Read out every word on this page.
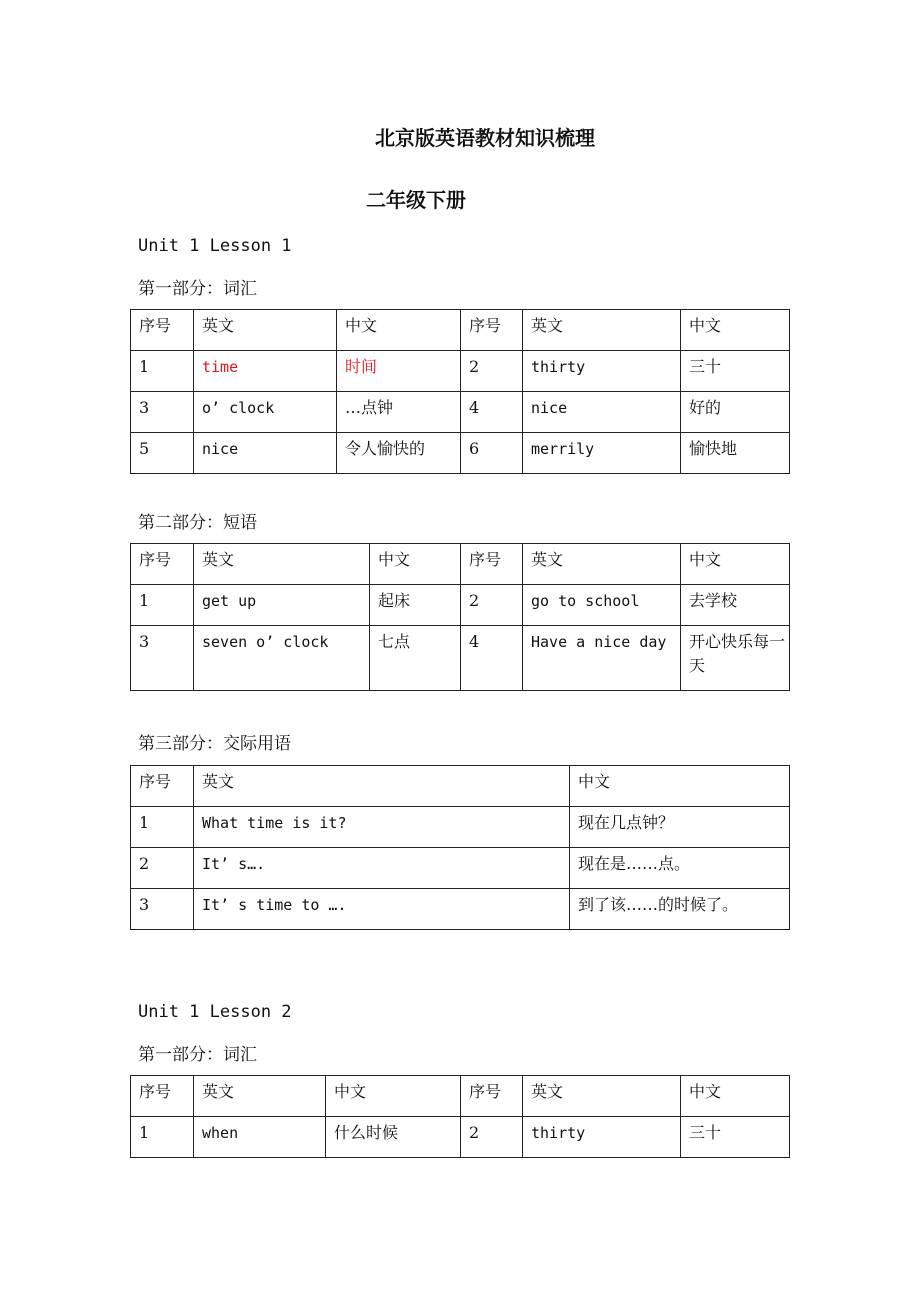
北京版英语教材知识梳理
二年级下册
Unit 1 Lesson 1
第一部分：词汇
序号	英文	中文	序号	英文	中文
1	time	时间	2	thirty	三十
3	o’ clock	…点钟	4	nice	好的
5	nice	令人愉快的	6	merrily	愉快地
第二部分：短语
序号	英文	中文	序号	英文	中文
1	get up	起床	2	go to school	去学校
3	seven o’ clock	七点	4	Have a nice day	开心快乐每一天
第三部分：交际用语
序号	英文	中文
1	What time is it?	现在几点钟？
2	It’ s….	现在是……点。
3	It’ s time to ….	到了该……的时候了。
Unit 1 Lesson 2
第一部分：词汇
序号	英文	中文	序号	英文	中文
1	when	什么时候	2	thirty	三十
